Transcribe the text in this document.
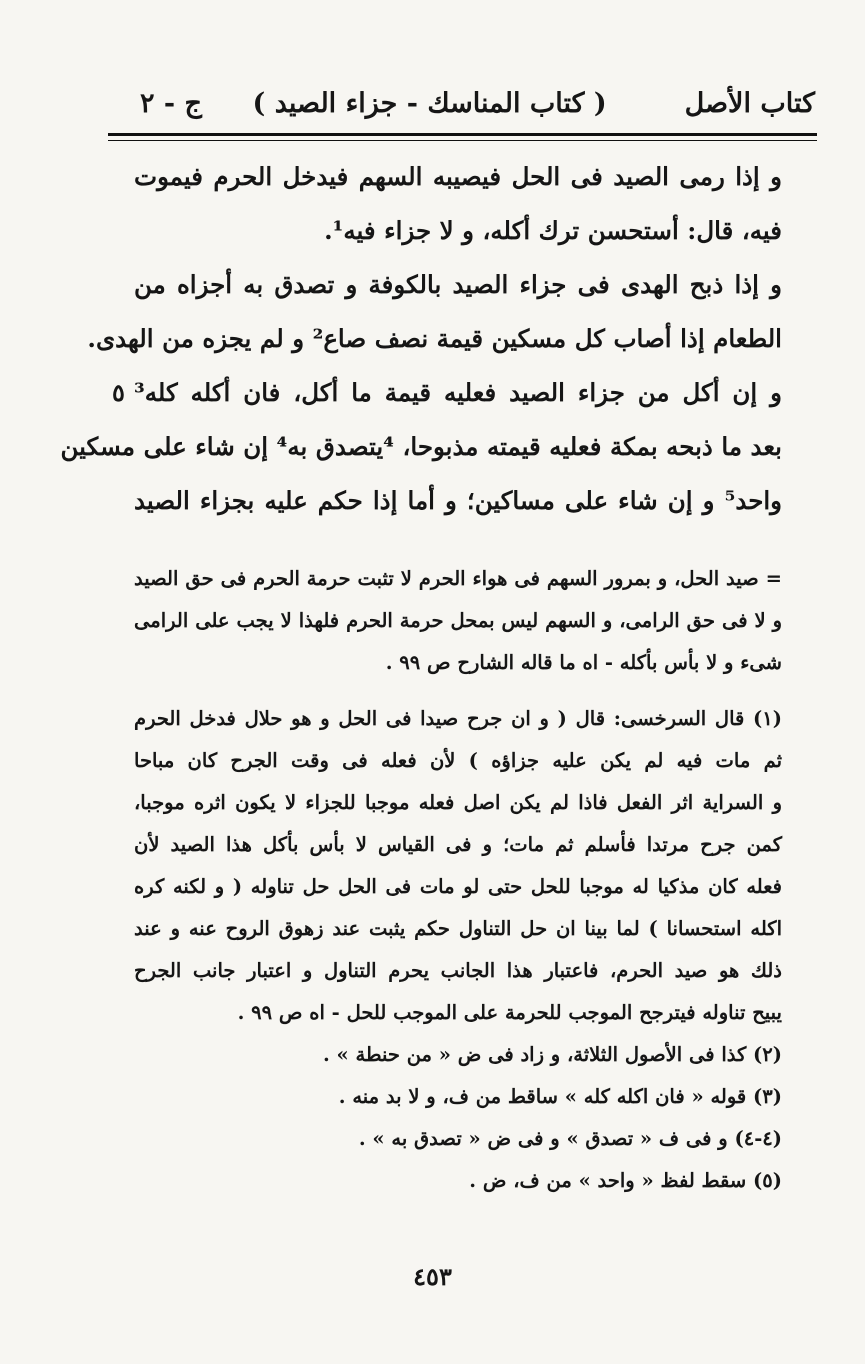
كتاب الأصل
( كتاب المناسك - جزاء الصيد )
ج - ٢

و إذا رمى الصيد فى الحل فيصيبه السهم فيدخل الحرم فيموت

فيه، قال: أستحسن ترك أكله، و لا جزاء فيه¹.

و إذا ذبح الهدى فى جزاء الصيد بالكوفة و تصدق به أجزاه من

الطعام إذا أصاب كل مسكين قيمة نصف صاع² و لم يجزه من الهدى.

و إن أكل من جزاء الصيد فعليه قيمة ما أكل، فان أكله كله³

بعد ما ذبحه بمكة فعليه قيمته مذبوحا، ⁴يتصدق به⁴ إن شاء على مسكين

واحد⁵ و إن شاء على مساكين؛ و أما إذا حكم عليه بجزاء الصيد

٥

= صيد الحل، و بمرور السهم فى هواء الحرم لا تثبت حرمة الحرم فى حق الصيد

و لا فى حق الرامى، و السهم ليس بمحل حرمة الحرم فلهذا لا يجب على الرامى

شىء و لا بأس بأكله - اه ما قاله الشارح ص ٩٩ .

(١) قال السرخسى: قال ( و ان جرح صيدا فى الحل و هو حلال فدخل الحرم

ثم مات فيه لم يكن عليه جزاؤه ) لأن فعله فى وقت الجرح كان مباحا

و السراية اثر الفعل فاذا لم يكن اصل فعله موجبا للجزاء لا يكون اثره موجبا،

كمن جرح مرتدا فأسلم ثم مات؛ و فى القياس لا بأس بأكل هذا الصيد لأن

فعله كان مذكيا له موجبا للحل حتى لو مات فى الحل حل تناوله ( و لكنه كره

اكله استحسانا ) لما بينا ان حل التناول حكم يثبت عند زهوق الروح عنه و عند

ذلك هو صيد الحرم، فاعتبار هذا الجانب يحرم التناول و اعتبار جانب الجرح

يبيح تناوله فيترجح الموجب للحرمة على الموجب للحل - اه ص ٩٩ .

(٢) كذا فى الأصول الثلاثة، و زاد فى ض « من حنطة » .

(٣) قوله « فان اكله كله » ساقط من ف، و لا بد منه .

(٤-٤) و فى ف « تصدق » و فى ض « تصدق به » .

(٥) سقط لفظ « واحد » من ف، ض .

٤٥٣
